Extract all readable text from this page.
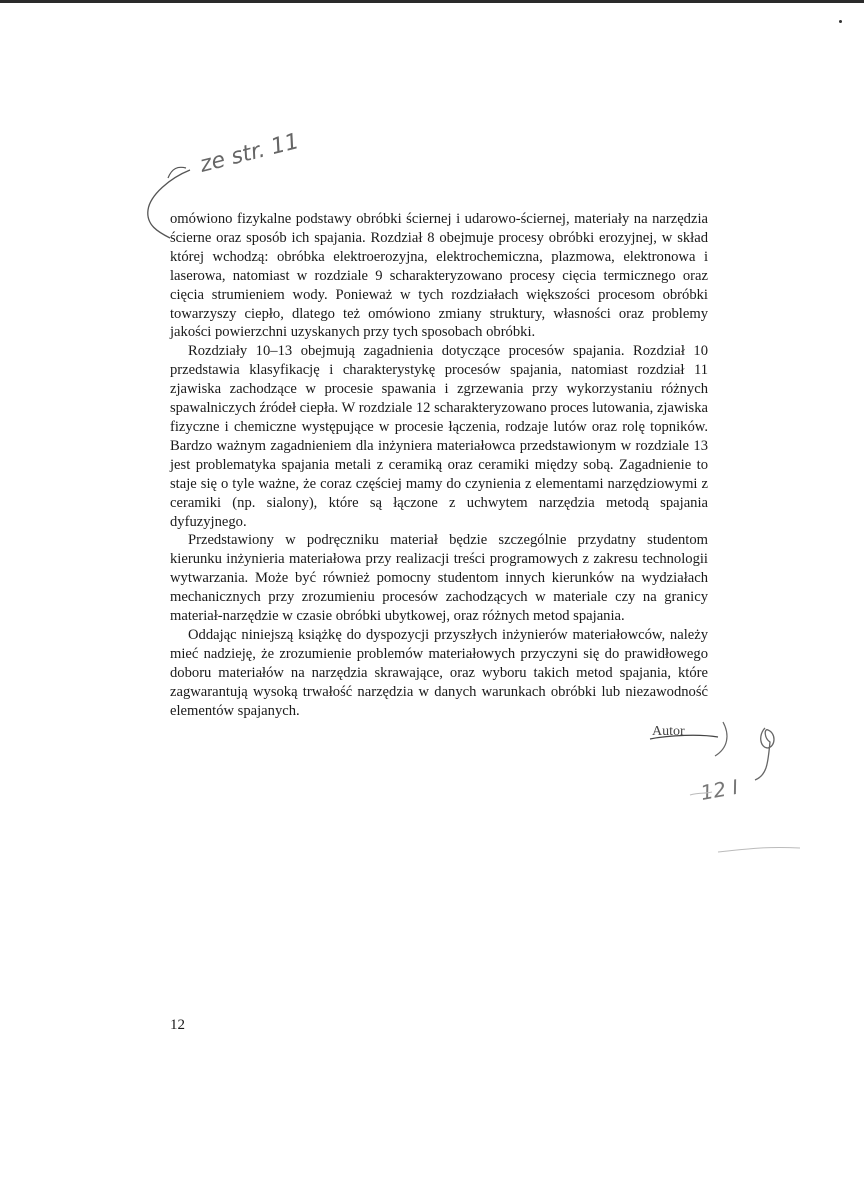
ze str. 11
12 I

omówiono fizykalne podstawy obróbki ściernej i udarowo-ściernej, materiały na narzędzia ścierne oraz sposób ich spajania. Rozdział 8 obejmuje procesy obróbki erozyjnej, w skład której wchodzą: obróbka elektroerozyjna, elektrochemiczna, plazmowa, elektronowa i laserowa, natomiast w rozdziale 9 scharakteryzowano procesy cięcia termicznego oraz cięcia strumieniem wody. Ponieważ w tych rozdziałach większości procesom obróbki towarzyszy ciepło, dlatego też omówiono zmiany struktury, własności oraz problemy jakości powierzchni uzyskanych przy tych sposobach obróbki.

Rozdziały 10–13 obejmują zagadnienia dotyczące procesów spajania. Rozdział 10 przedstawia klasyfikację i charakterystykę procesów spajania, natomiast rozdział 11 zjawiska zachodzące w procesie spawania i zgrzewania przy wykorzystaniu różnych spawalniczych źródeł ciepła. W rozdziale 12 scharakteryzowano proces lutowania, zjawiska fizyczne i chemiczne występujące w procesie łączenia, rodzaje lutów oraz rolę topników. Bardzo ważnym zagadnieniem dla inżyniera materiałowca przedstawionym w rozdziale 13 jest problematyka spajania metali z ceramiką oraz ceramiki między sobą. Zagadnienie to staje się o tyle ważne, że coraz częściej mamy do czynienia z elementami narzędziowymi z ceramiki (np. sialony), które są łączone z uchwytem narzędzia metodą spajania dyfuzyjnego.

Przedstawiony w podręczniku materiał będzie szczególnie przydatny studentom kierunku inżynieria materiałowa przy realizacji treści programowych z zakresu technologii wytwarzania. Może być również pomocny studentom innych kierunków na wydziałach mechanicznych przy zrozumieniu procesów zachodzących w materiale czy na granicy materiał-narzędzie w czasie obróbki ubytkowej, oraz różnych metod spajania.

Oddając niniejszą książkę do dyspozycji przyszłych inżynierów materiałowców, należy mieć nadzieję, że zrozumienie problemów materiałowych przyczyni się do prawidłowego doboru materiałów na narzędzia skrawające, oraz wyboru takich metod spajania, które zagwarantują wysoką trwałość narzędzia w danych warunkach obróbki lub niezawodność elementów spajanych.

Autor
12
